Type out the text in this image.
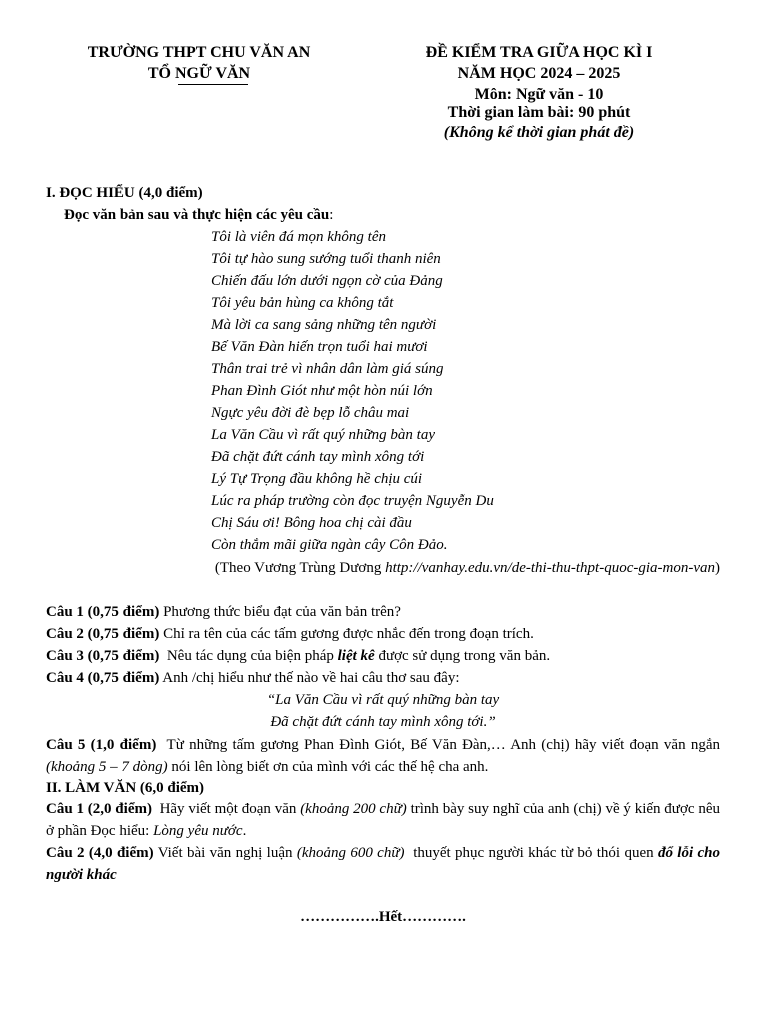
TRƯỜNG THPT CHU VĂN AN
TỔ NGỮ VĂN
ĐỀ KIỂM TRA GIỮA HỌC KÌ I
NĂM HỌC 2024 – 2025
Môn: Ngữ văn - 10
Thời gian làm bài: 90 phút
(Không kể thời gian phát đề)
I. ĐỌC HIỂU (4,0 điểm)
Đọc văn bản sau và thực hiện các yêu cầu:
Tôi là viên đá mọn không tên
Tôi tự hào sung sướng tuổi thanh niên
Chiến đấu lớn dưới ngọn cờ của Đảng
Tôi yêu bản hùng ca không tắt
Mà lời ca sang sảng những tên người
Bế Văn Đàn hiến trọn tuổi hai mươi
Thân trai trẻ vì nhân dân làm giá súng
Phan Đình Giót như một hòn núi lớn
Ngực yêu đời đè bẹp lỗ châu mai
La Văn Cầu vì rất quý những bàn tay
Đã chặt đứt cánh tay mình xông tới
Lý Tự Trọng đầu không hề chịu cúi
Lúc ra pháp trường còn đọc truyện Nguyễn Du
Chị Sáu ơi! Bông hoa chị cài đầu
Còn thắm mãi giữa ngàn cây Côn Đảo.
(Theo Vương Trùng Dương http://vanhay.edu.vn/de-thi-thu-thpt-quoc-gia-mon-van)
Câu 1 (0,75 điểm) Phương thức biểu đạt của văn bản trên?
Câu 2 (0,75 điểm) Chỉ ra tên của các tấm gương được nhắc đến trong đoạn trích.
Câu 3 (0,75 điểm)  Nêu tác dụng của biện pháp liệt kê được sử dụng trong văn bản.
Câu 4 (0,75 điểm) Anh /chị hiểu như thế nào về hai câu thơ sau đây:
“La Văn Cầu vì rất quý những bàn tay
Đã chặt đứt cánh tay mình xông tới.”
Câu 5 (1,0 điểm)  Từ những tấm gương Phan Đình Giót, Bế Văn Đàn,… Anh (chị) hãy viết đoạn văn ngắn (khoảng 5 – 7 dòng) nói lên lòng biết ơn của mình với các thế hệ cha anh.
II. LÀM VĂN (6,0 điểm)
Câu 1 (2,0 điểm)  Hãy viết một đoạn văn (khoảng 200 chữ) trình bày suy nghĩ của anh (chị) về ý kiến được nêu ở phần Đọc hiểu: Lòng yêu nước.
Câu 2 (4,0 điểm) Viết bài văn nghị luận (khoảng 600 chữ)  thuyết phục người khác từ bỏ thói quen đổ lỗi cho người khác
…………….Hết………….
